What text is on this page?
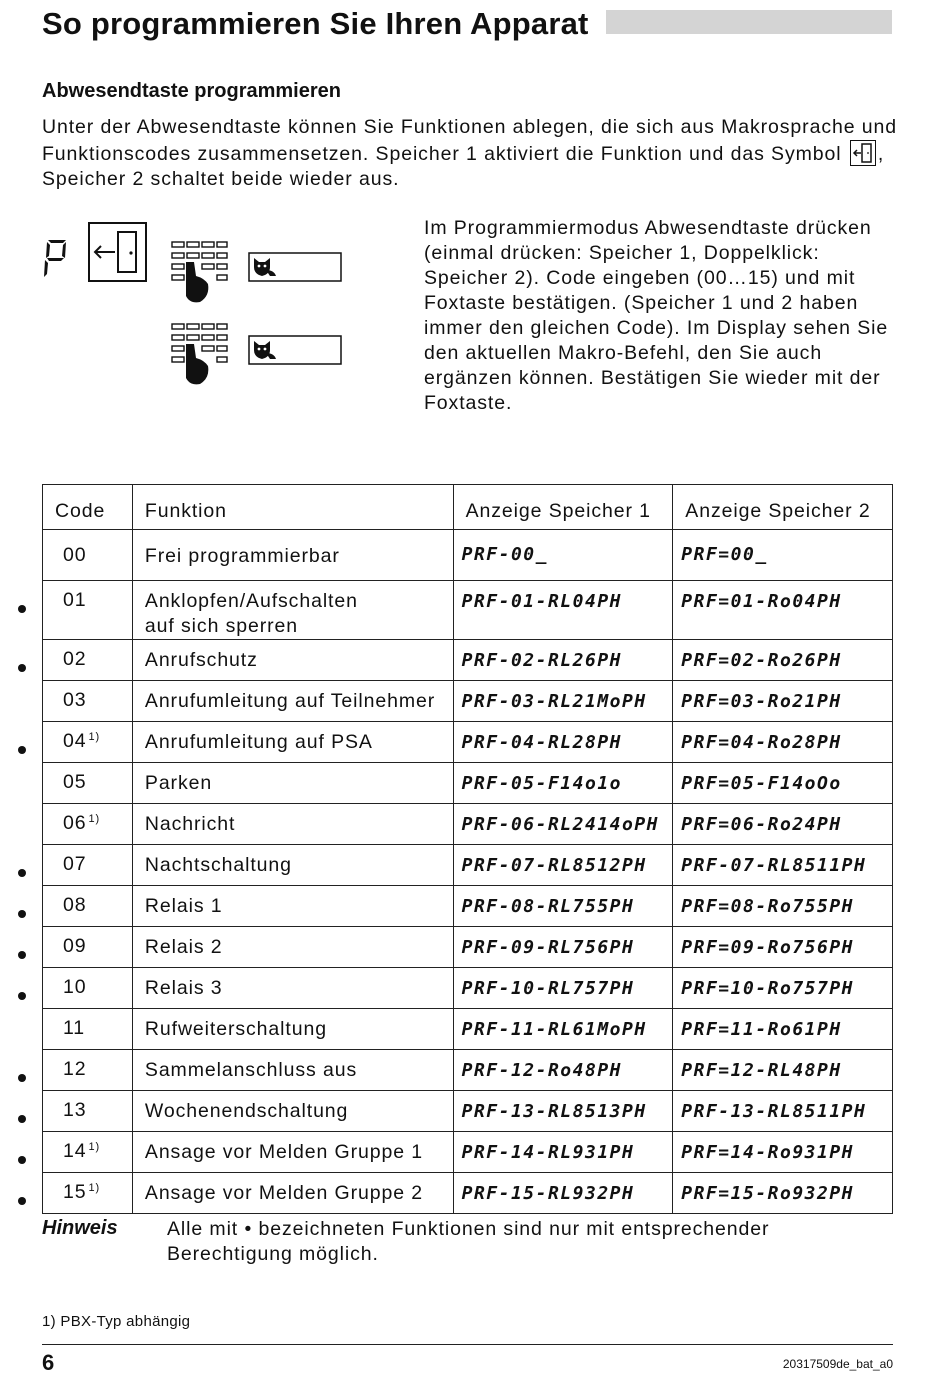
So programmieren Sie Ihren Apparat
Abwesendtaste programmieren
Unter der Abwesendtaste können Sie Funktionen ablegen, die sich aus Makrosprache und Funktionscodes zusammensetzen. Speicher 1 aktiviert die Funktion und das Symbol , Speicher 2 schaltet beide wieder aus.
Im Programmiermodus Abwesendtaste drücken (einmal drücken: Speicher 1, Doppelklick: Speicher 2). Code eingeben (00…15) und mit Foxtaste bestätigen. (Speicher 1 und 2 haben immer den gleichen Code). Im Display sehen Sie den aktuellen Makro-Befehl, den Sie auch ergänzen können. Bestätigen Sie wieder mit der Foxtaste.
Code	Funktion	Anzeige Speicher 1	Anzeige Speicher 2
00	Frei programmierbar	PRF-00_	PRF=00_
01	Anklopfen/Aufschalten
auf sich sperren	PRF-01-RL04PH	PRF=01-Ro04PH
02	Anrufschutz	PRF-02-RL26PH	PRF=02-Ro26PH
03	Anrufumleitung auf Teilnehmer	PRF-03-RL21MoPH	PRF=03-Ro21PH
04 $^{1)}$	Anrufumleitung auf PSA	PRF-04-RL28PH	PRF=04-Ro28PH
05	Parken	PRF-05-F14o1o	PRF=05-F14oOo
06 $^{1)}$	Nachricht	PRF-06-RL2414oPH	PRF=06-Ro24PH
07	Nachtschaltung	PRF-07-RL8512PH	PRF-07-RL8511PH
08	Relais 1	PRF-08-RL755PH	PRF=08-Ro755PH
09	Relais 2	PRF-09-RL756PH	PRF=09-Ro756PH
10	Relais 3	PRF-10-RL757PH	PRF=10-Ro757PH
11	Rufweiterschaltung	PRF-11-RL61MoPH	PRF=11-Ro61PH
12	Sammelanschluss aus	PRF-12-Ro48PH	PRF=12-RL48PH
13	Wochenendschaltung	PRF-13-RL8513PH	PRF-13-RL8511PH
14 $^{1)}$	Ansage vor Melden Gruppe 1	PRF-14-RL931PH	PRF=14-Ro931PH
15 $^{1)}$	Ansage vor Melden Gruppe 2	PRF-15-RL932PH	PRF=15-Ro932PH
Hinweis	Alle mit • bezeichneten Funktionen sind nur mit entsprechender Berechtigung möglich.
1) PBX-Typ abhängig
6	20317509de_bat_a0
